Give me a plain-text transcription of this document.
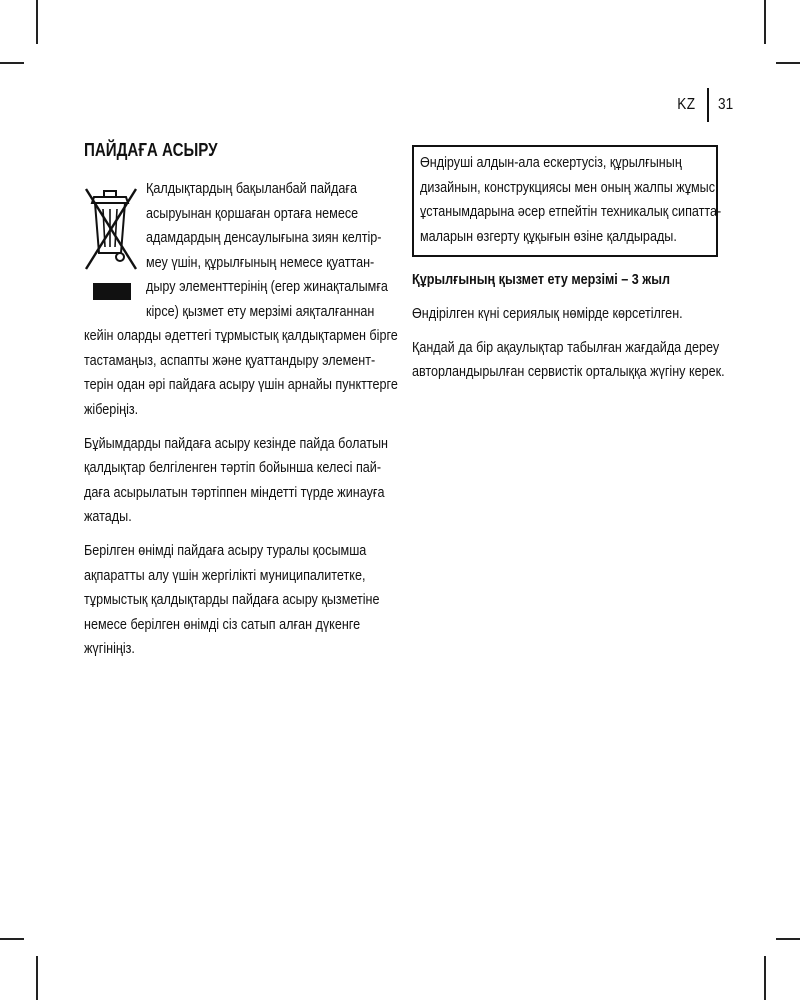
KZ 31
ПАЙДАҒА АСЫРУ
Қалдықтардың бақыланбай пайдаға
асыруынан қоршаған ортаға немесе
адамдардың денсаулығына зиян келтір-
меу үшін, құрылғының немесе қуаттан-
дыру элементтерінің (егер жинақталымға
кірсе) қызмет ету мерзімі аяқталғаннан
кейін оларды әдеттегі тұрмыстық қалдықтармен бірге
тастамаңыз, аспапты және қуаттандыру элемент-
терін одан әрі пайдаға асыру үшін арнайы пункттерге
жіберіңіз.

Бұйымдарды пайдаға асыру кезінде пайда болатын
қалдықтар белгіленген тәртіп бойынша келесі пай-
даға асырылатын тәртіппен міндетті түрде жинауға
жатады.

Берілген өнімді пайдаға асыру туралы қосымша
ақпаратты алу үшін жергілікті муниципалитетке,
тұрмыстық қалдықтарды пайдаға асыру қызметіне
немесе берілген өнімді сіз сатып алған дүкенге
жүгініңіз.

Өндіруші алдын-ала ескертусіз, құрылғының
дизайнын, конструкциясы мен оның жалпы жұмыс
ұстанымдарына әсер етпейтін техникалық сипатта-
маларын өзгерту құқығын өзіне қалдырады.

Құрылғының қызмет ету мерзімі – 3 жыл

Өндірілген күні сериялық нөмірде көрсетілген.

Қандай да бір ақаулықтар табылған жағдайда дереу
авторландырылған сервистік орталыққа жүгіну керек.
